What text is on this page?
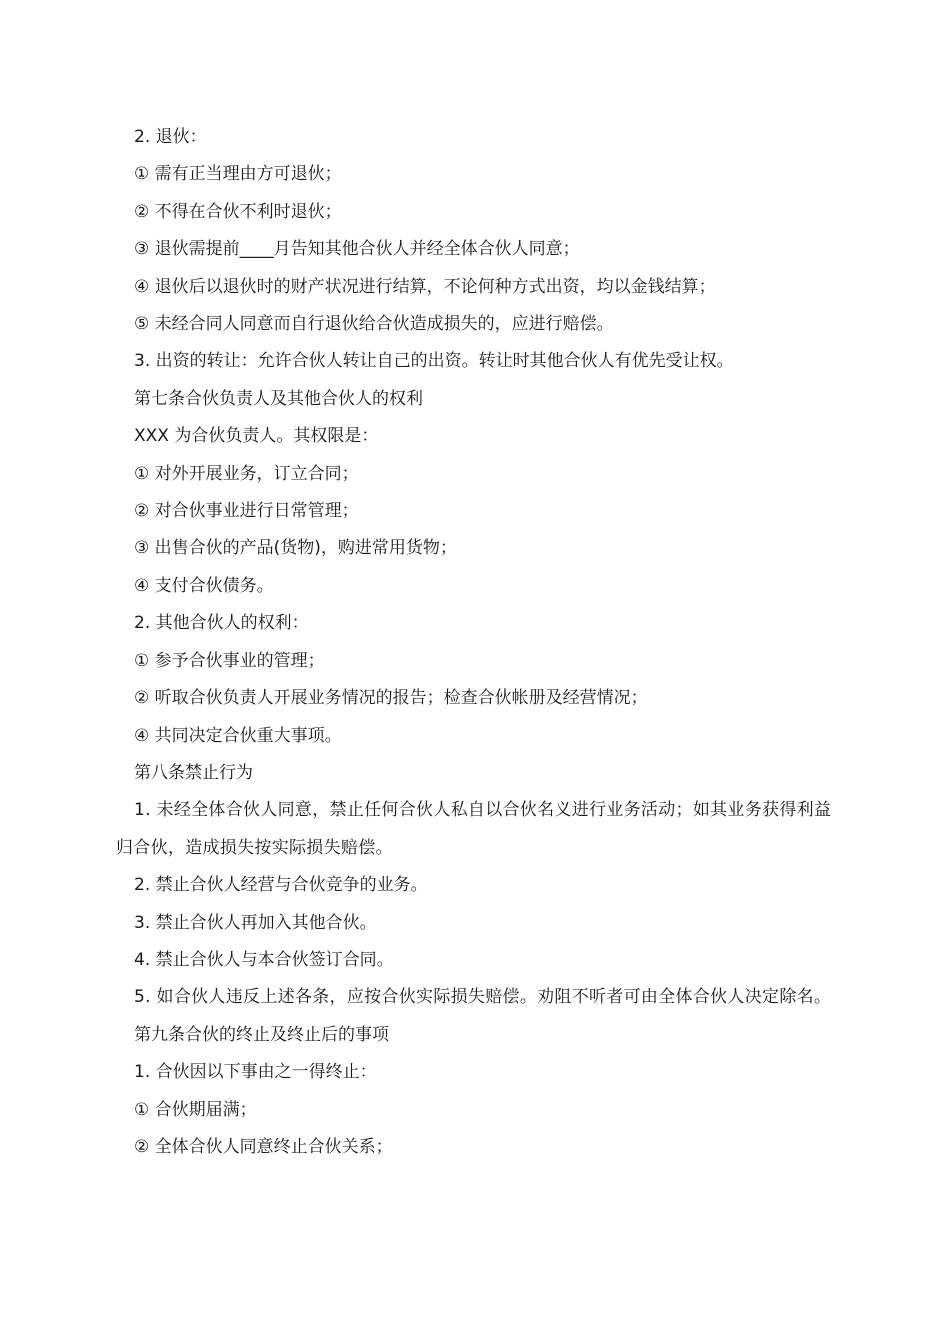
2. 退伙：

① 需有正当理由方可退伙；

② 不得在合伙不利时退伙；

③ 退伙需提前____月告知其他合伙人并经全体合伙人同意；

④ 退伙后以退伙时的财产状况进行结算，不论何种方式出资，均以金钱结算；

⑤ 未经合同人同意而自行退伙给合伙造成损失的，应进行赔偿。

3. 出资的转让：允许合伙人转让自己的出资。转让时其他合伙人有优先受让权。

第七条合伙负责人及其他合伙人的权利

XXX 为合伙负责人。其权限是：

① 对外开展业务，订立合同；

② 对合伙事业进行日常管理；

③ 出售合伙的产品(货物)，购进常用货物；

④ 支付合伙债务。

2. 其他合伙人的权利：

① 参予合伙事业的管理；

② 听取合伙负责人开展业务情况的报告；检查合伙帐册及经营情况；

④ 共同决定合伙重大事项。

第八条禁止行为

1. 未经全体合伙人同意，禁止任何合伙人私自以合伙名义进行业务活动；如其业务获得利益归合伙，造成损失按实际损失赔偿。

2. 禁止合伙人经营与合伙竞争的业务。

3. 禁止合伙人再加入其他合伙。

4. 禁止合伙人与本合伙签订合同。

5. 如合伙人违反上述各条，应按合伙实际损失赔偿。劝阻不听者可由全体合伙人决定除名。

第九条合伙的终止及终止后的事项

1. 合伙因以下事由之一得终止：

① 合伙期届满；

② 全体合伙人同意终止合伙关系；
